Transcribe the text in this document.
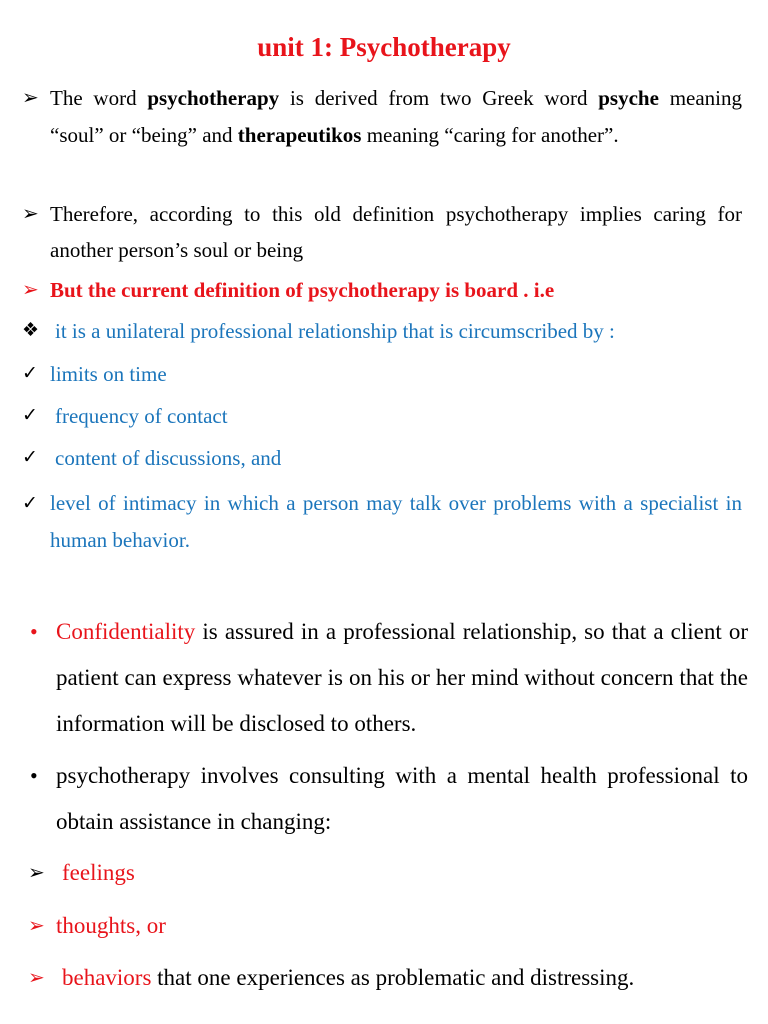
unit 1: Psychotherapy
➢ The word psychotherapy is derived from two Greek word psyche meaning “soul” or “being” and therapeutikos meaning “caring for another”.
➢ Therefore, according to this old definition psychotherapy implies caring for another person’s soul or being
➢ But the current definition of psychotherapy is board . i.e
❖ it is a unilateral professional relationship that is circumscribed by :
✓ limits on time
✓ frequency of contact
✓ content of discussions, and
✓ level of intimacy in which a person may talk over problems with a specialist in human behavior.
• Confidentiality is assured in a professional relationship, so that a client or patient can express whatever is on his or her mind without concern that the information will be disclosed to others.
• psychotherapy involves consulting with a mental health professional to obtain assistance in changing:
➢ feelings
➢ thoughts, or
➢ behaviors that one experiences as problematic and distressing.
